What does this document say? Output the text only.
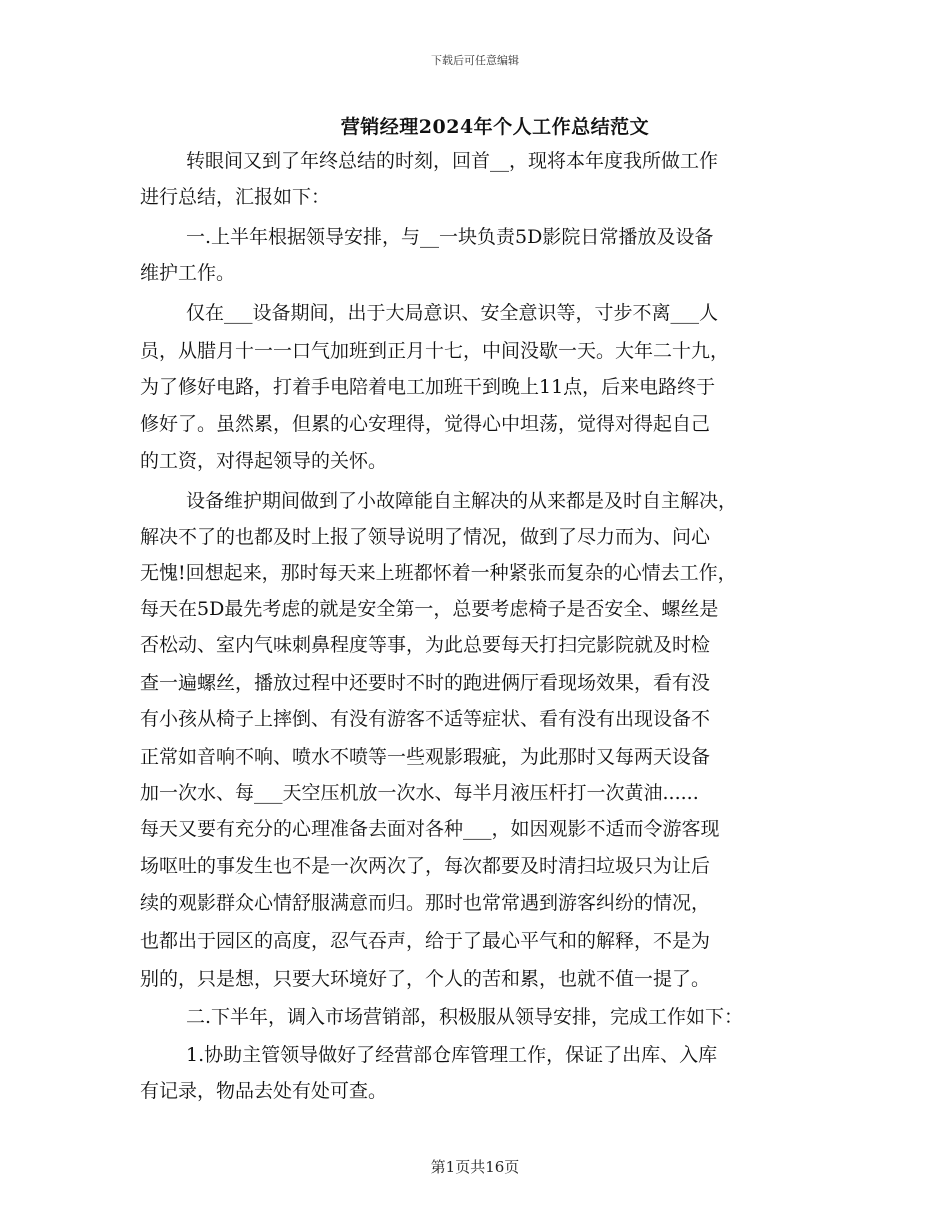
下载后可任意编辑
营销经理2024年个人工作总结范文
转眼间又到了年终总结的时刻，回首__，现将本年度我所做工作
进行总结，汇报如下：
一.上半年根据领导安排，与__一块负责5D影院日常播放及设备
维护工作。
仅在___设备期间，出于大局意识、安全意识等，寸步不离___人
员，从腊月十一一口气加班到正月十七，中间没歇一天。大年二十九，
为了修好电路，打着手电陪着电工加班干到晚上11点，后来电路终于
修好了。虽然累，但累的心安理得，觉得心中坦荡，觉得对得起自己
的工资，对得起领导的关怀。
设备维护期间做到了小故障能自主解决的从来都是及时自主解决，
解决不了的也都及时上报了领导说明了情况，做到了尽力而为、问心
无愧!回想起来，那时每天来上班都怀着一种紧张而复杂的心情去工作，
每天在5D最先考虑的就是安全第一，总要考虑椅子是否安全、螺丝是
否松动、室内气味刺鼻程度等事，为此总要每天打扫完影院就及时检
查一遍螺丝，播放过程中还要时不时的跑进俩厅看现场效果，看有没
有小孩从椅子上摔倒、有没有游客不适等症状、看有没有出现设备不
正常如音响不响、喷水不喷等一些观影瑕疵，为此那时又每两天设备
加一次水、每___天空压机放一次水、每半月液压杆打一次黄油......
每天又要有充分的心理准备去面对各种___，如因观影不适而令游客现
场呕吐的事发生也不是一次两次了，每次都要及时清扫垃圾只为让后
续的观影群众心情舒服满意而归。那时也常常遇到游客纠纷的情况，
也都出于园区的高度，忍气吞声，给于了最心平气和的解释，不是为
别的，只是想，只要大环境好了，个人的苦和累，也就不值一提了。
二.下半年，调入市场营销部，积极服从领导安排，完成工作如下：
1.协助主管领导做好了经营部仓库管理工作，保证了出库、入库
有记录，物品去处有处可查。
第1页共16页
